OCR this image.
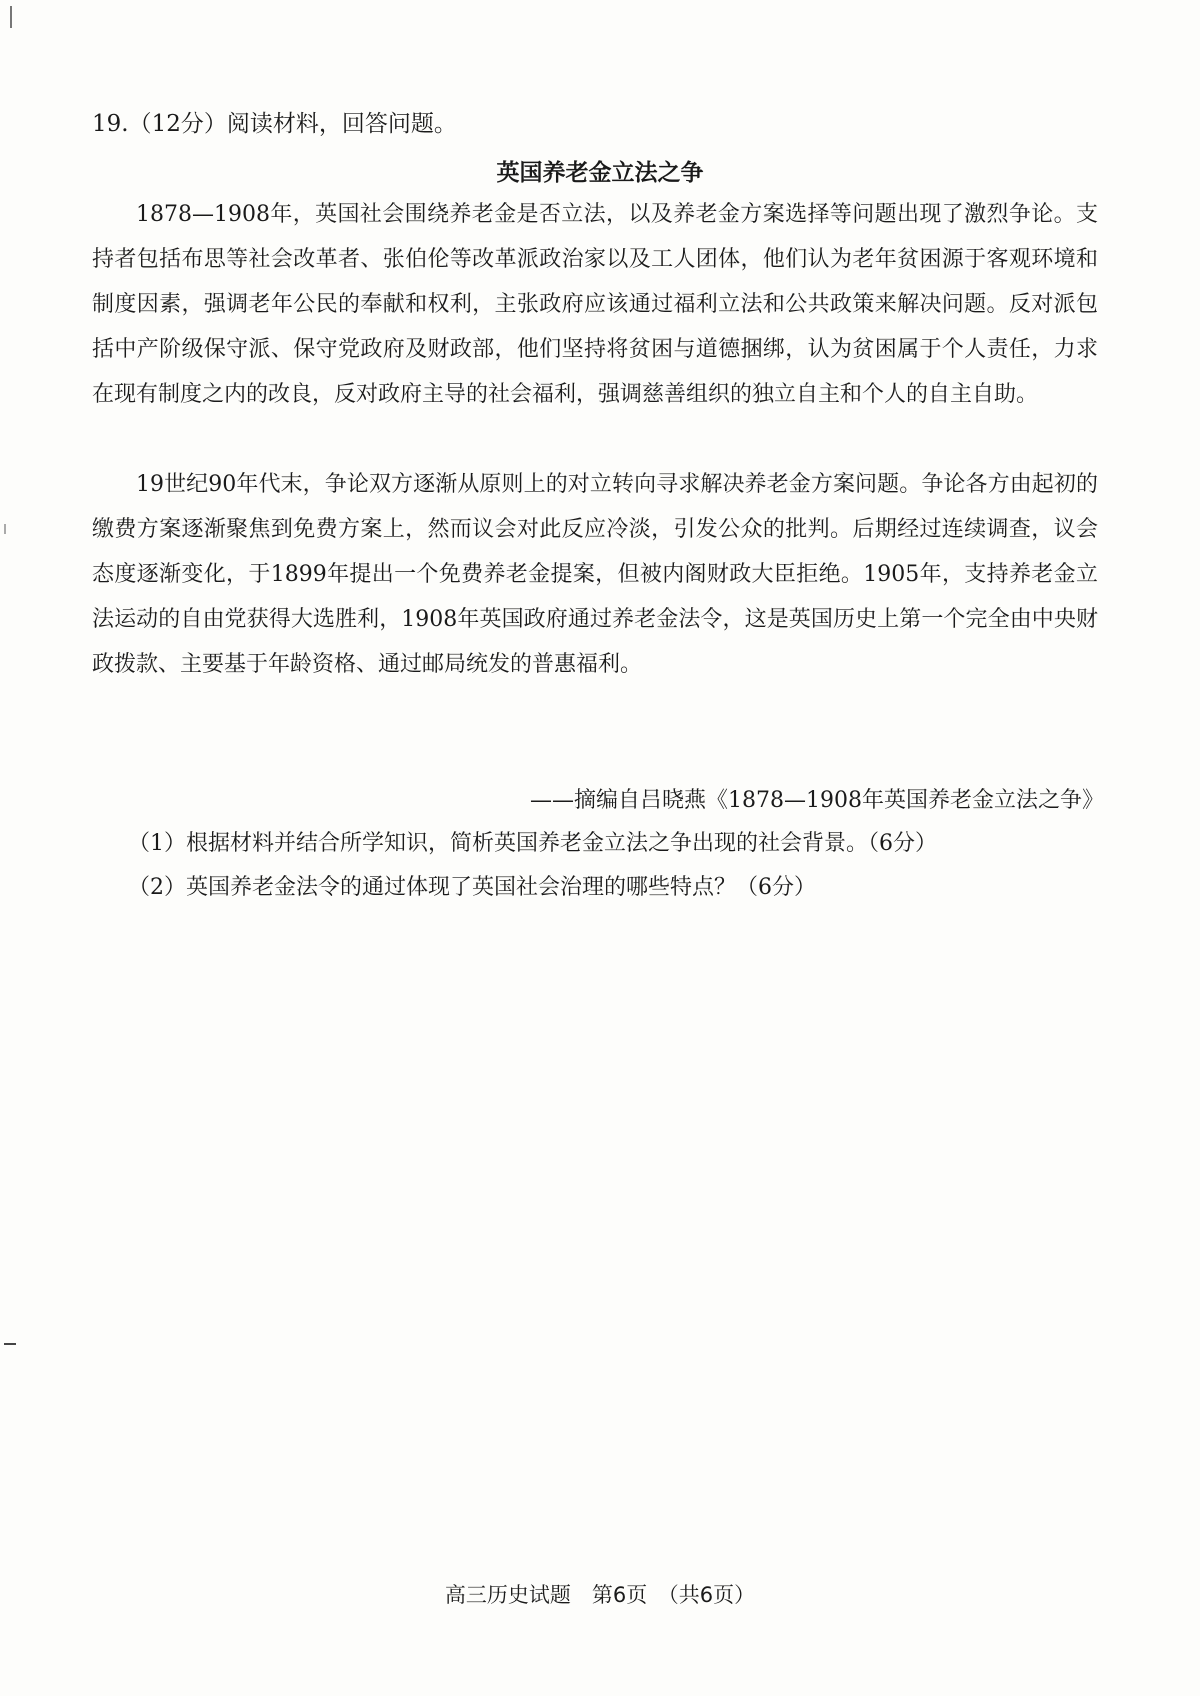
19.（12分）阅读材料，回答问题。
英国养老金立法之争

1878—1908年，英国社会围绕养老金是否立法，以及养老金方案选择等问题出现了激烈争论。支持者包括布思等社会改革者、张伯伦等改革派政治家以及工人团体，他们认为老年贫困源于客观环境和制度因素，强调老年公民的奉献和权利，主张政府应该通过福利立法和公共政策来解决问题。反对派包括中产阶级保守派、保守党政府及财政部，他们坚持将贫困与道德捆绑，认为贫困属于个人责任，力求在现有制度之内的改良，反对政府主导的社会福利，强调慈善组织的独立自主和个人的自主自助。

19世纪90年代末，争论双方逐渐从原则上的对立转向寻求解决养老金方案问题。争论各方由起初的缴费方案逐渐聚焦到免费方案上，然而议会对此反应冷淡，引发公众的批判。后期经过连续调查，议会态度逐渐变化，于1899年提出一个免费养老金提案，但被内阁财政大臣拒绝。1905年，支持养老金立法运动的自由党获得大选胜利，1908年英国政府通过养老金法令，这是英国历史上第一个完全由中央财政拨款、主要基于年龄资格、通过邮局统发的普惠福利。

——摘编自吕晓燕《1878—1908年英国养老金立法之争》
（1）根据材料并结合所学知识，简析英国养老金立法之争出现的社会背景。（6分）
（2）英国养老金法令的通过体现了英国社会治理的哪些特点？（6分）
高三历史试题　第6页　（共6页）
